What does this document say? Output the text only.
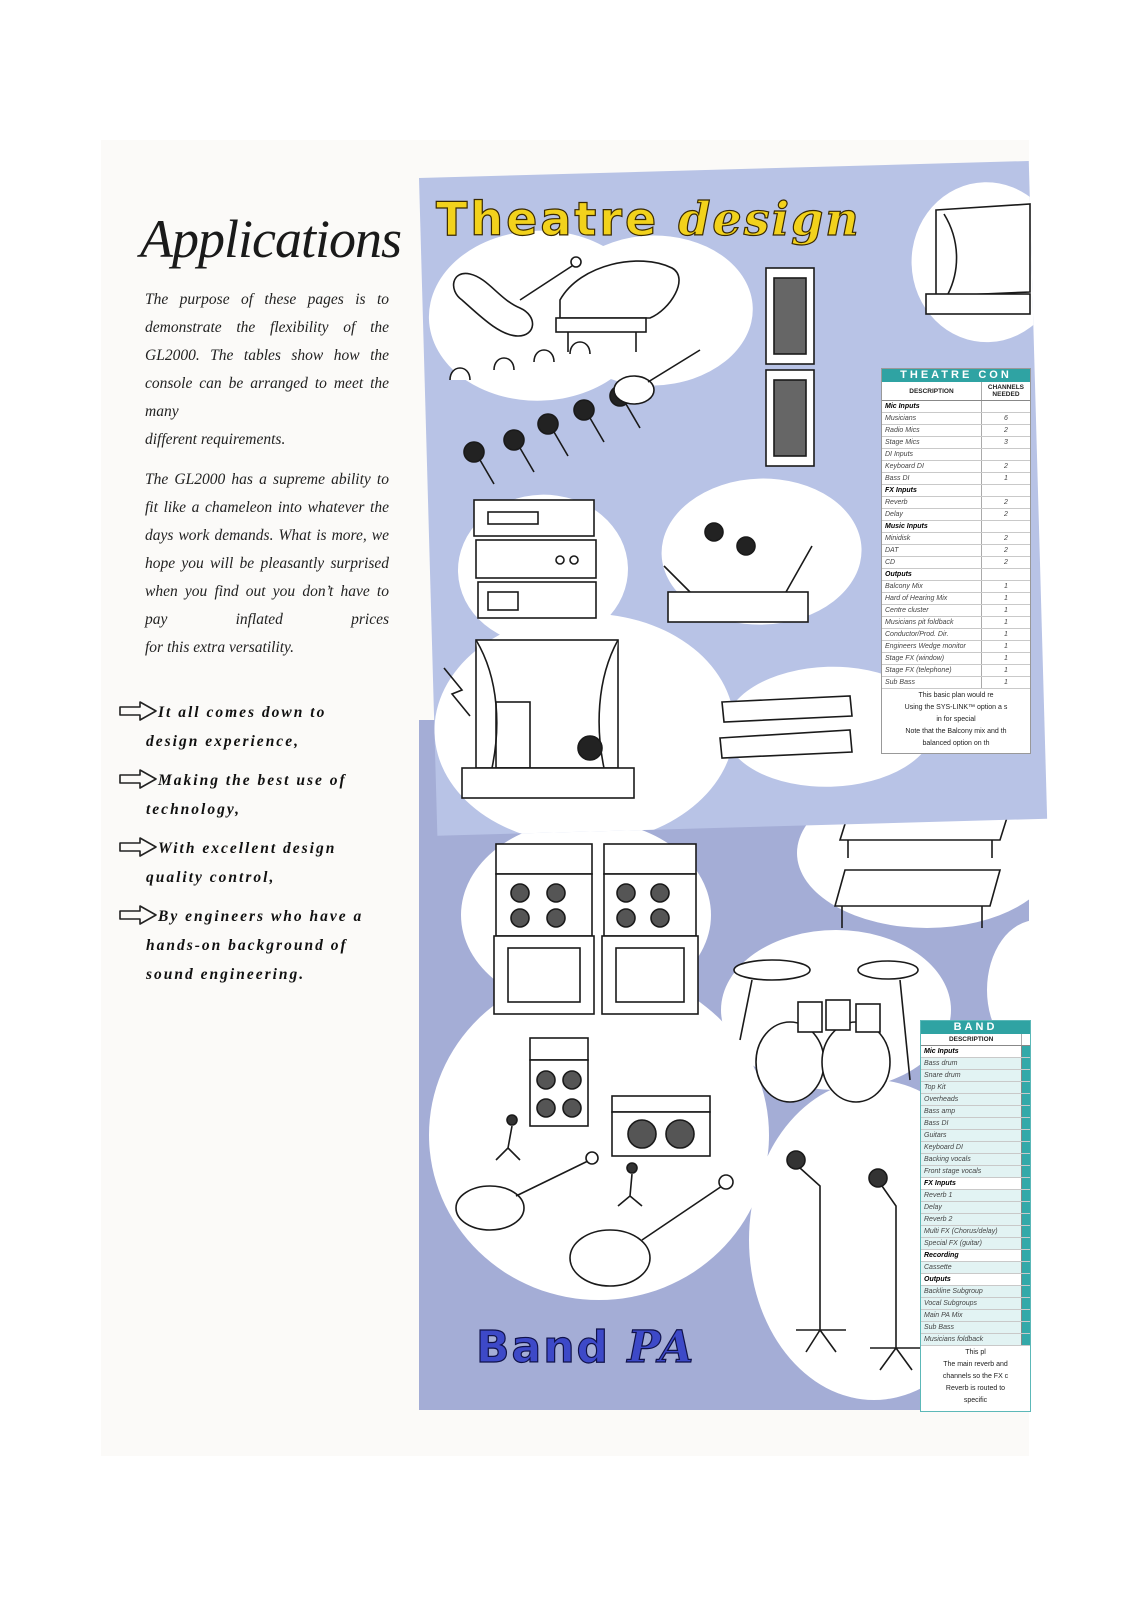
Applications
The purpose of these pages is to demonstrate the flexibility of the GL2000. The tables show how the console can be arranged to meet the many
different requirements.
The GL2000 has a supreme ability to fit like a chameleon into whatever the days work demands. What is more, we hope you will be pleasantly surprised when you find out you don’t have to pay inflated prices
for this extra versatility.
It all comes down to
design experience,
Making the best use of
technology,
With excellent design
quality control,
By engineers who have a
hands-on background of sound engineering.
Theatre design
Band PA
THEATRE CON
DESCRIPTION	CHANNELS
NEEDED
Mic Inputs	
Musicians	6
Radio Mics	2
Stage Mics	3
DI Inputs	
Keyboard DI	2
Bass DI	1
FX Inputs	
Reverb	2
Delay	2
Music Inputs	
Minidisk	2
DAT	2
CD	2
Outputs	
Balcony Mix	1
Hard of Hearing Mix	1
Centre cluster	1
Musicians pit foldback	1
Conductor/Prod. Dir.	1
Engineers Wedge monitor	1
Stage FX (window)	1
Stage FX (telephone)	1
Sub Bass	1
This basic plan would re
Using the SYS-LINK™ option a s
in for special
Note that the Balcony mix and th
balanced option on th
BAND
DESCRIPTION	
Mic Inputs	
Bass drum	
Snare drum	
Top Kit	
Overheads	
Bass amp	
Bass DI	
Guitars	
Keyboard DI	
Backing vocals	
Front stage vocals	
FX Inputs	
Reverb 1	
Delay	
Reverb 2	
Multi FX (Chorus/delay)	
Special FX (guitar)	
Recording	
Cassette	
Outputs	
Backline Subgroup	
Vocal Subgroups	
Main PA Mix	
Sub Bass	
Musicians foldback	
This pl
The main reverb and
channels so the FX c
Reverb is routed to
specific
